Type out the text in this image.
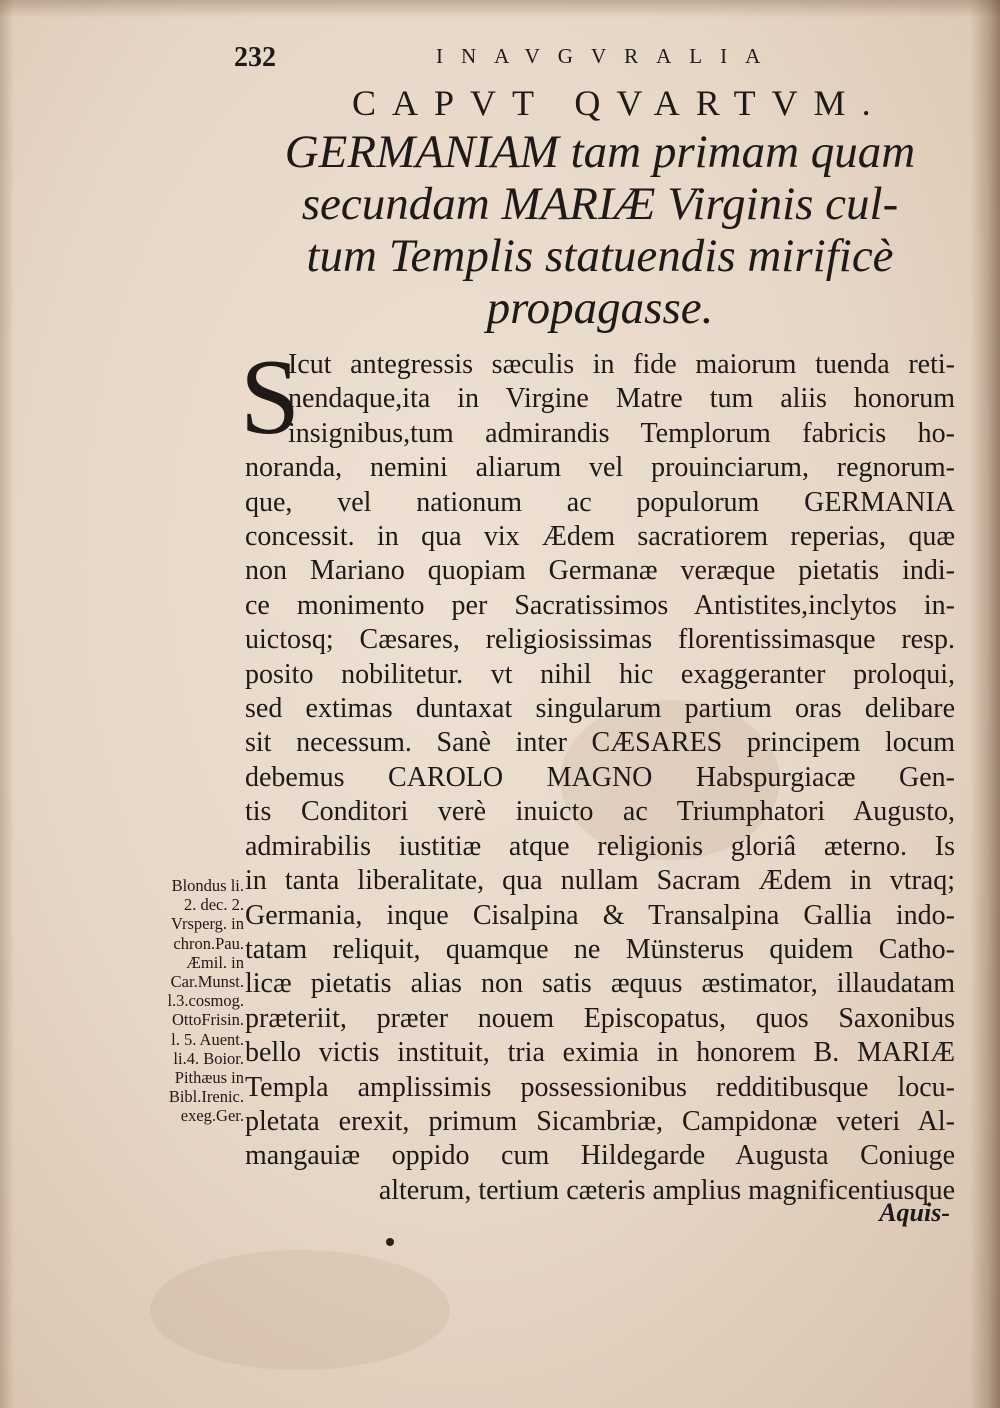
232	INAVGVRALIA
CAPVT QVARTVM.
GERMANIAM tam primam quam
secundam MARIÆ Virginis cul-
tum Templis statuendis mirificè
propagasse.
S
Icut antegressis sæculis in fide maiorum tuenda reti-
nendaque,ita in Virgine Matre tum aliis honorum
insignibus,tum admirandis Templorum fabricis ho-
noranda, nemini aliarum vel prouinciarum, regnorum-
que, vel nationum ac populorum GERMANIA
concessit. in qua vix Ædem sacratiorem reperias, quæ
non Mariano quopiam Germanæ veræque pietatis indi-
ce monimento per Sacratissimos Antistites,inclytos in-
uictosq; Cæsares, religiosissimas florentissimasque resp.
posito nobilitetur. vt nihil hic exaggeranter proloqui,
sed extimas duntaxat singularum partium oras delibare
sit necessum. Sanè inter CÆSARES principem locum
debemus CAROLO MAGNO Habspurgiacæ Gen-
tis Conditori verè inuicto ac Triumphatori Augusto,
admirabilis iustitiæ atque religionis gloriâ æterno. Is
in tanta liberalitate, qua nullam Sacram Ædem in vtraq;
Germania, inque Cisalpina & Transalpina Gallia indo-
tatam reliquit, quamque ne Münsterus quidem Catho-
licæ pietatis alias non satis æquus æstimator, illaudatam
præteriit, præter nouem Episcopatus, quos Saxonibus
bello victis instituit, tria eximia in honorem B. MARIÆ
Templa amplissimis possessionibus redditibusque locu-
pletata erexit, primum Sicambriæ, Campidonæ veteri Al-
mangauiæ oppido cum Hildegarde Augusta Coniuge
alterum, tertium cæteris amplius magnificentiusque
Aquis-
Blondus li.
2. dec. 2.
Vrsperg. in
chron.Pau.
Æmil. in
Car.Munst.
l.3.cosmog.
OttoFrisin.
l. 5. Auent.
li.4. Boior.
Pithæus in
Bibl.Irenic.
exeg.Ger.
